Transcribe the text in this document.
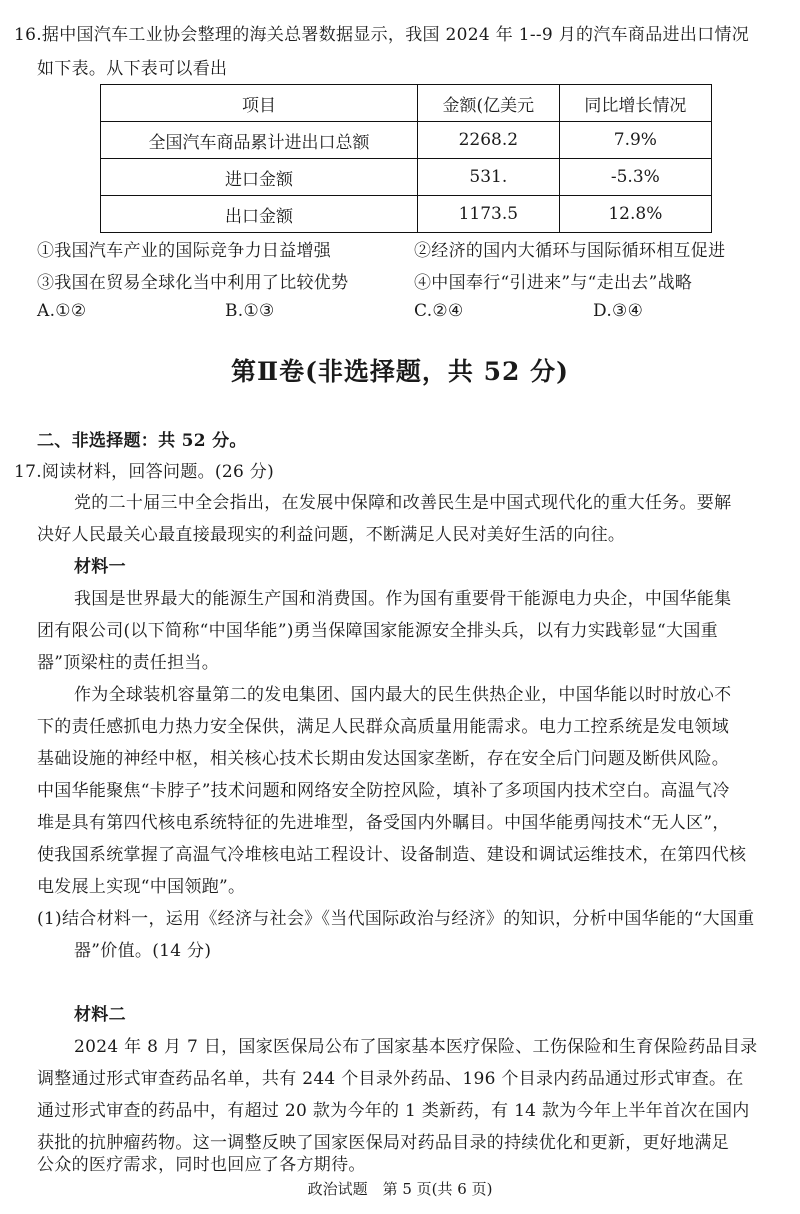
16.据中国汽车工业协会整理的海关总署数据显示，我国 2024 年 1--9 月的汽车商品进出口情况
如下表。从下表可以看出
项目	金额(亿美元	同比增长情况
全国汽车商品累计进出口总额	2268.2	7.9%
进口金额	531.	-5.3%
出口金额	1173.5	12.8%
①我国汽车产业的国际竞争力日益增强	②经济的国内大循环与国际循环相互促进
③我国在贸易全球化当中利用了比较优势	④中国奉行“引进来”与“走出去”战略
A.①②	B.①③	C.②④	D.③④
第Ⅱ卷(非选择题，共 52 分)
二、非选择题：共 52 分。
17.阅读材料，回答问题。(26 分)
党的二十届三中全会指出，在发展中保障和改善民生是中国式现代化的重大任务。要解
决好人民最关心最直接最现实的利益问题，不断满足人民对美好生活的向往。
材料一
我国是世界最大的能源生产国和消费国。作为国有重要骨干能源电力央企，中国华能集
团有限公司(以下简称“中国华能”)勇当保障国家能源安全排头兵，以有力实践彰显“大国重
器”顶梁柱的责任担当。
作为全球装机容量第二的发电集团、国内最大的民生供热企业，中国华能以时时放心不
下的责任感抓电力热力安全保供，满足人民群众高质量用能需求。电力工控系统是发电领域
基础设施的神经中枢，相关核心技术长期由发达国家垄断，存在安全后门问题及断供风险。
中国华能聚焦“卡脖子”技术问题和网络安全防控风险，填补了多项国内技术空白。高温气冷
堆是具有第四代核电系统特征的先进堆型，备受国内外瞩目。中国华能勇闯技术“无人区”，
使我国系统掌握了高温气冷堆核电站工程设计、设备制造、建设和调试运维技术，在第四代核
电发展上实现“中国领跑”。
(1)结合材料一，运用《经济与社会》《当代国际政治与经济》的知识，分析中国华能的“大国重
器”价值。(14 分)
材料二
2024 年 8 月 7 日，国家医保局公布了国家基本医疗保险、工伤保险和生育保险药品目录
调整通过形式审查药品名单，共有 244 个目录外药品、196 个目录内药品通过形式审查。在
通过形式审查的药品中，有超过 20 款为今年的 1 类新药，有 14 款为今年上半年首次在国内
获批的抗肿瘤药物。这一调整反映了国家医保局对药品目录的持续优化和更新，更好地满足
公众的医疗需求，同时也回应了各方期待。
政治试题　第 5 页(共 6 页)
